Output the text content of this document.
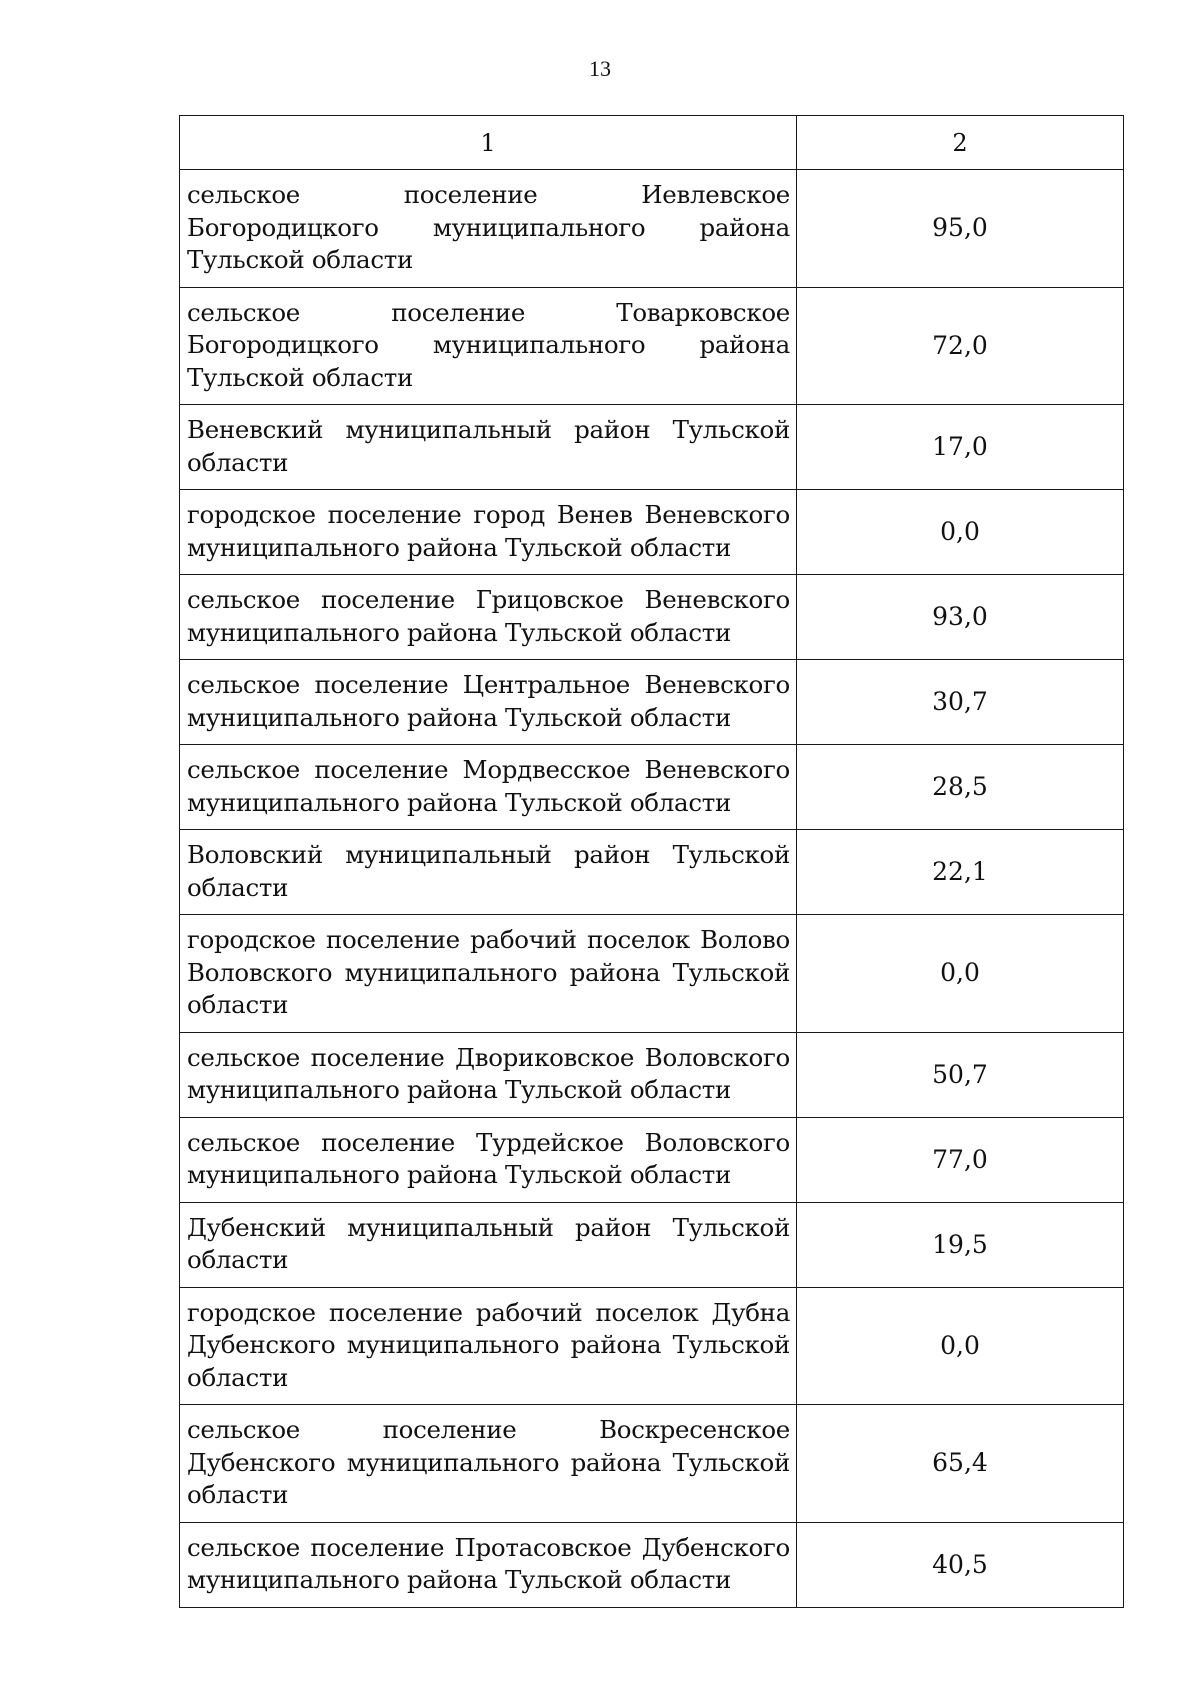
13
1	2
сельское поселение Иевлевское Богородицкого муниципального района Тульской области	95,0
сельское поселение Товарковское Богородицкого муниципального района Тульской области	72,0
Веневский муниципальный район Тульской области	17,0
городское поселение город Венев Веневского муниципального района Тульской области	0,0
сельское поселение Грицовское Веневского муниципального района Тульской области	93,0
сельское поселение Центральное Веневского муниципального района Тульской области	30,7
сельское поселение Мордвесское Веневского муниципального района Тульской области	28,5
Воловский муниципальный район Тульской области	22,1
городское поселение рабочий поселок Волово Воловского муниципального района Тульской области	0,0
сельское поселение Двориковское Воловского муниципального района Тульской области	50,7
сельское поселение Турдейское Воловского муниципального района Тульской области	77,0
Дубенский муниципальный район Тульской области	19,5
городское поселение рабочий поселок Дубна Дубенского муниципального района Тульской области	0,0
сельское поселение Воскресенское Дубенского муниципального района Тульской области	65,4
сельское поселение Протасовское Дубенского муниципального района Тульской области	40,5
